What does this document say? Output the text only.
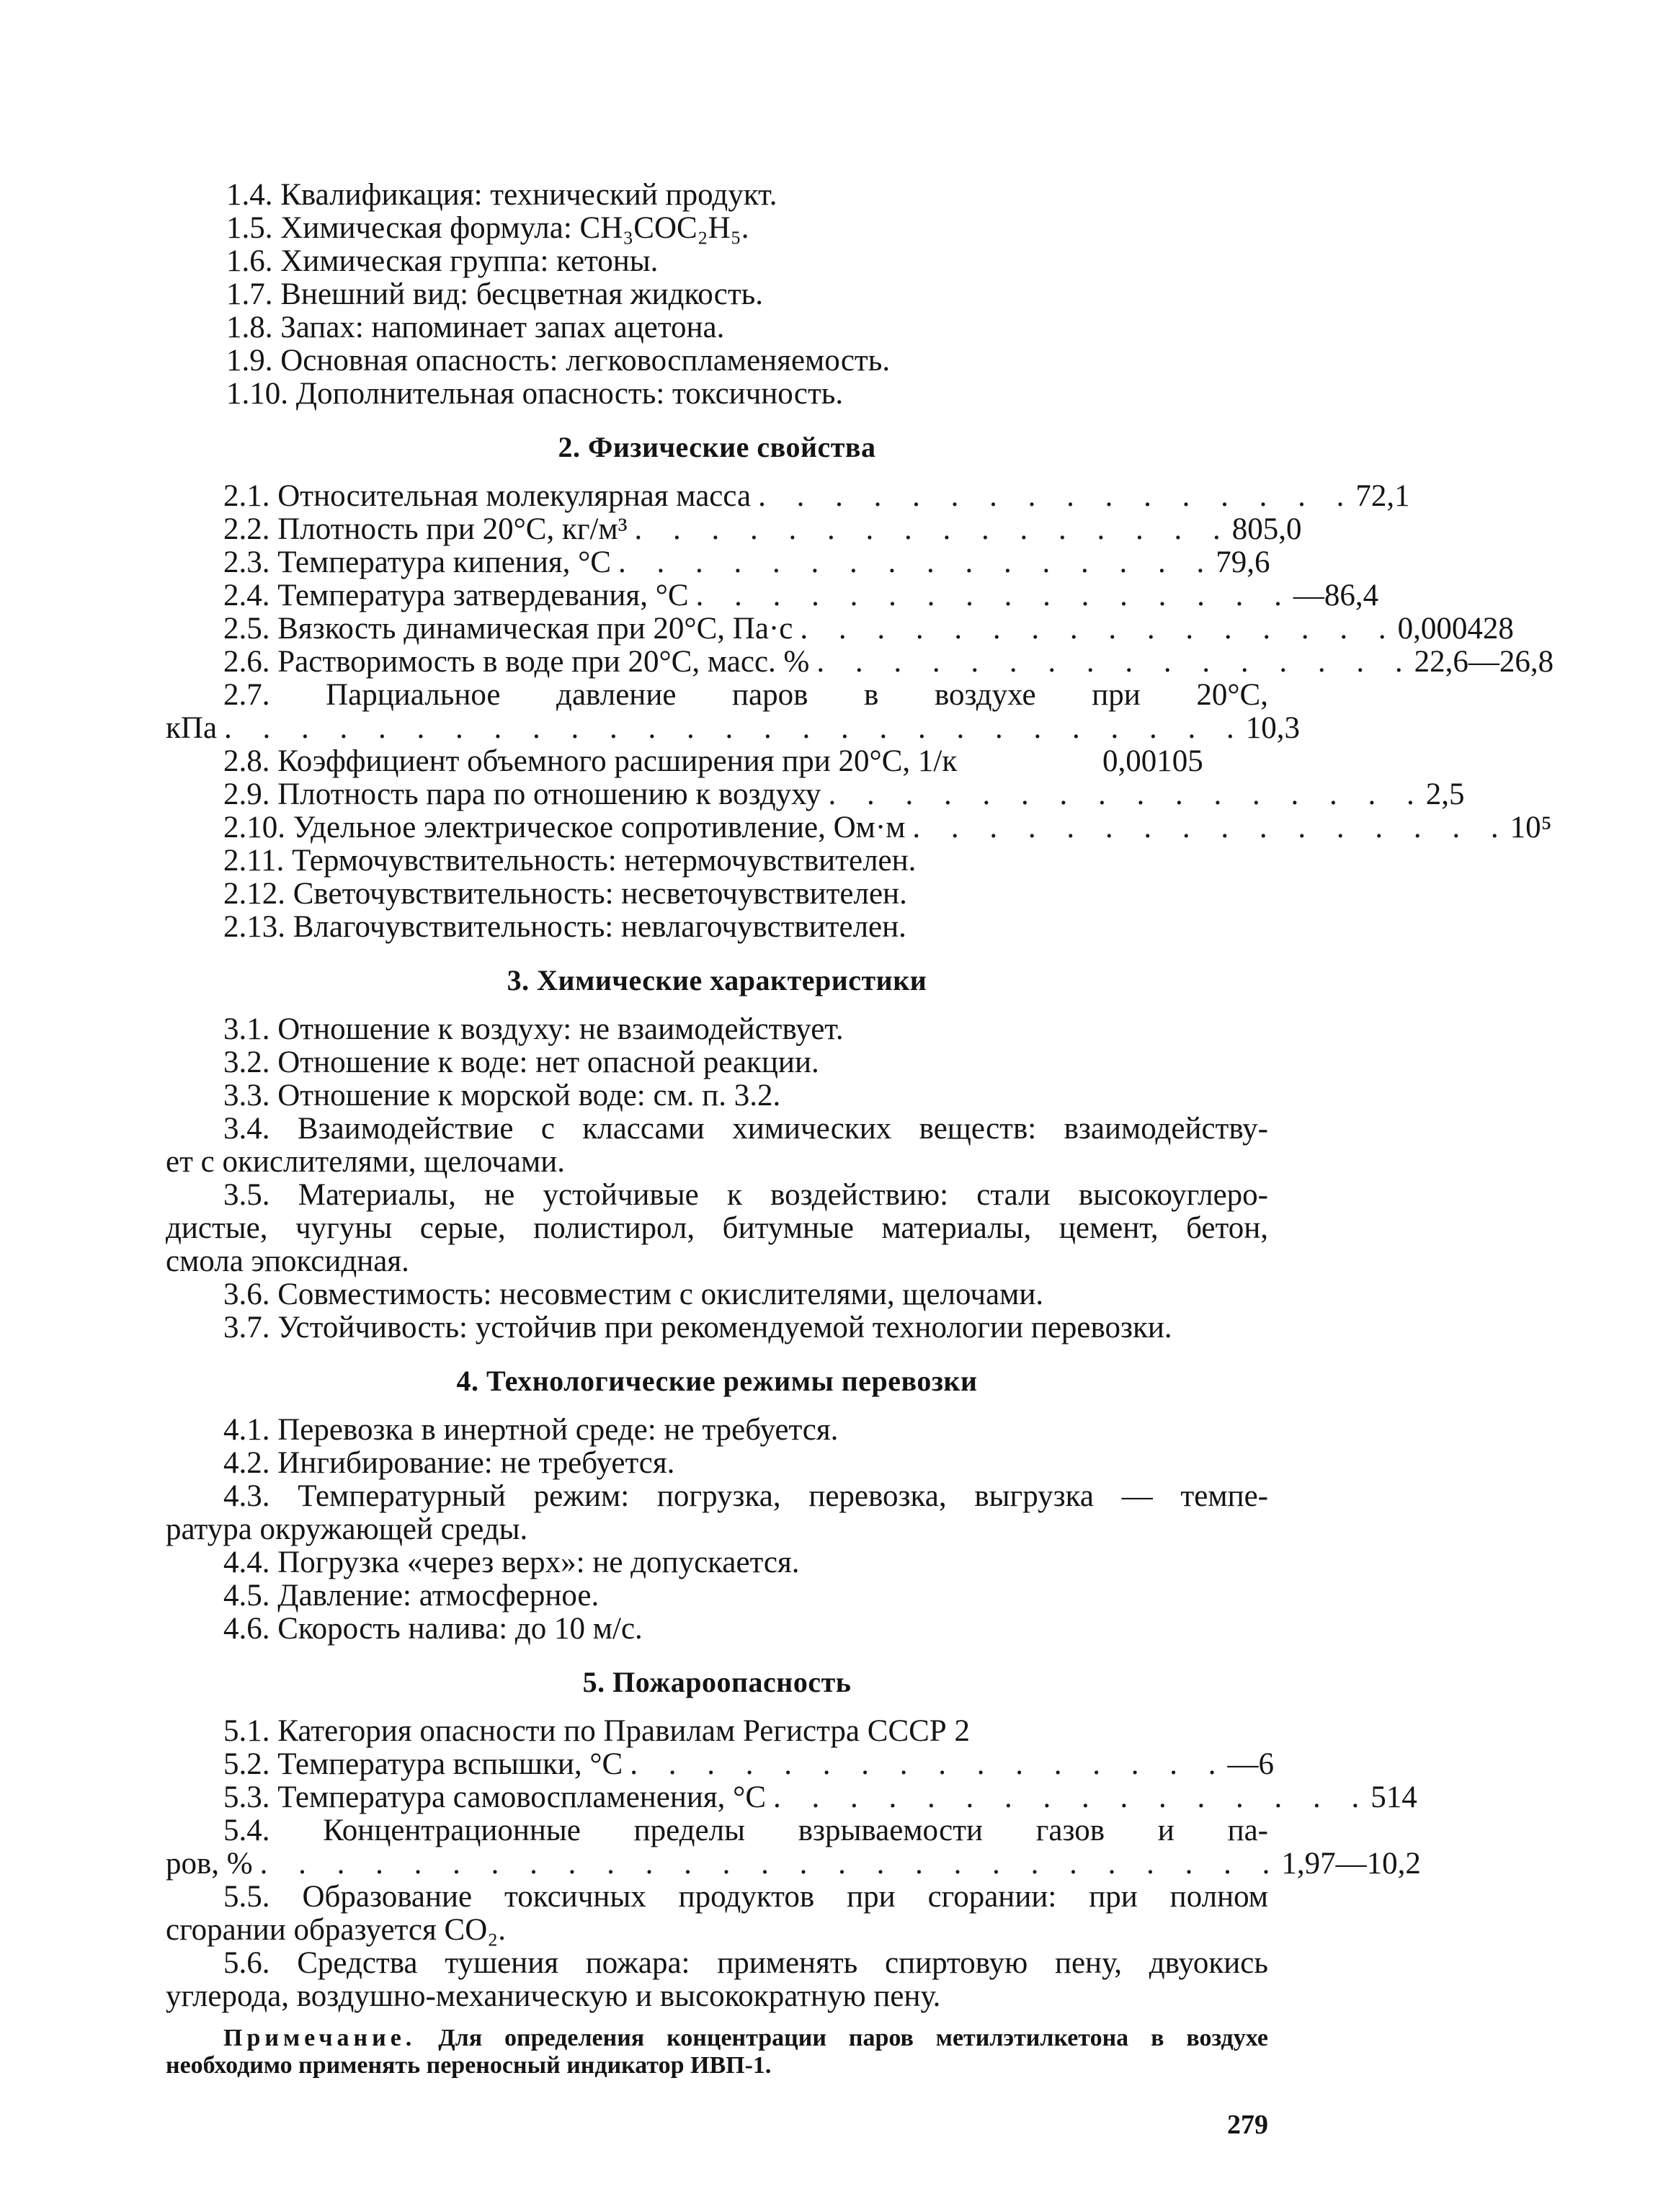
1.4. Квалификация: технический продукт.
1.5. Химическая формула: CH₃COC₂H₅.
1.6. Химическая группа: кетоны.
1.7. Внешний вид: бесцветная жидкость.
1.8. Запах: напоминает запах ацетона.
1.9. Основная опасность: легковоспламеняемость.
1.10. Дополнительная опасность: токсичность.
2. Физические свойства
2.1. Относительная молекулярная масса . . . . . . . . . . . . . . . . 72,1
2.2. Плотность при 20°С, кг/м³ . . . . . . . . . . . . . . . . 805,0
2.3. Температура кипения, °С . . . . . . . . . . . . . . . . 79,6
2.4. Температура затвердевания, °С . . . . . . . . . . . . . . . . —86,4
2.5. Вязкость динамическая при 20°С, Па·с . . . . . . . . . . . . . . . . 0,000428
2.6. Растворимость в воде при 20°С, масс. % . . . . . . . . . . . . . . . . 22,6—26,8
2.7. Парциальное давление паров в воздухе при 20°С,
кПа . . . . . . . . . . . . . . . . . . . . . . . . . . . 10,3
2.8. Коэффициент объемного расширения при 20°С, 1/к	0,00105
2.9. Плотность пара по отношению к воздуху . . . . . . . . . . . . . . . . 2,5
2.10. Удельное электрическое сопротивление, Ом·м . . . . . . . . . . . . . . . . 10⁵
2.11. Термочувствительность: нетермочувствителен.
2.12. Светочувствительность: несветочувствителен.
2.13. Влагочувствительность: невлагочувствителен.
3. Химические характеристики
3.1. Отношение к воздуху: не взаимодействует.
3.2. Отношение к воде: нет опасной реакции.
3.3. Отношение к морской воде: см. п. 3.2.
3.4. Взаимодействие с классами химических веществ: взаимодейству-
ет с окислителями, щелочами.
3.5. Материалы, не устойчивые к воздействию: стали высокоуглеро-
дистые, чугуны серые, полистирол, битумные материалы, цемент, бетон,
смола эпоксидная.
3.6. Совместимость: несовместим с окислителями, щелочами.
3.7. Устойчивость: устойчив при рекомендуемой технологии перевозки.
4. Технологические режимы перевозки
4.1. Перевозка в инертной среде: не требуется.
4.2. Ингибирование: не требуется.
4.3. Температурный режим: погрузка, перевозка, выгрузка — темпе-
ратура окружающей среды.
4.4. Погрузка «через верх»: не допускается.
4.5. Давление: атмосферное.
4.6. Скорость налива: до 10 м/с.
5. Пожароопасность
5.1. Категория опасности по Правилам Регистра СССР 2
5.2. Температура вспышки, °С . . . . . . . . . . . . . . . . —6
5.3. Температура самовоспламенения, °С . . . . . . . . . . . . . . . . 514
5.4. Концентрационные пределы взрываемости газов и па-
ров, % . . . . . . . . . . . . . . . . . . . . . . . . . . . 1,97—10,2
5.5. Образование токсичных продуктов при сгорании: при полном
сгорании образуется CO₂.
5.6. Средства тушения пожара: применять спиртовую пену, двуокись
углерода, воздушно-механическую и высокократную пену.
Примечание. Для определения концентрации паров метилэтилкетона в воздухе необходимо применять переносный индикатор ИВП-1.
279
